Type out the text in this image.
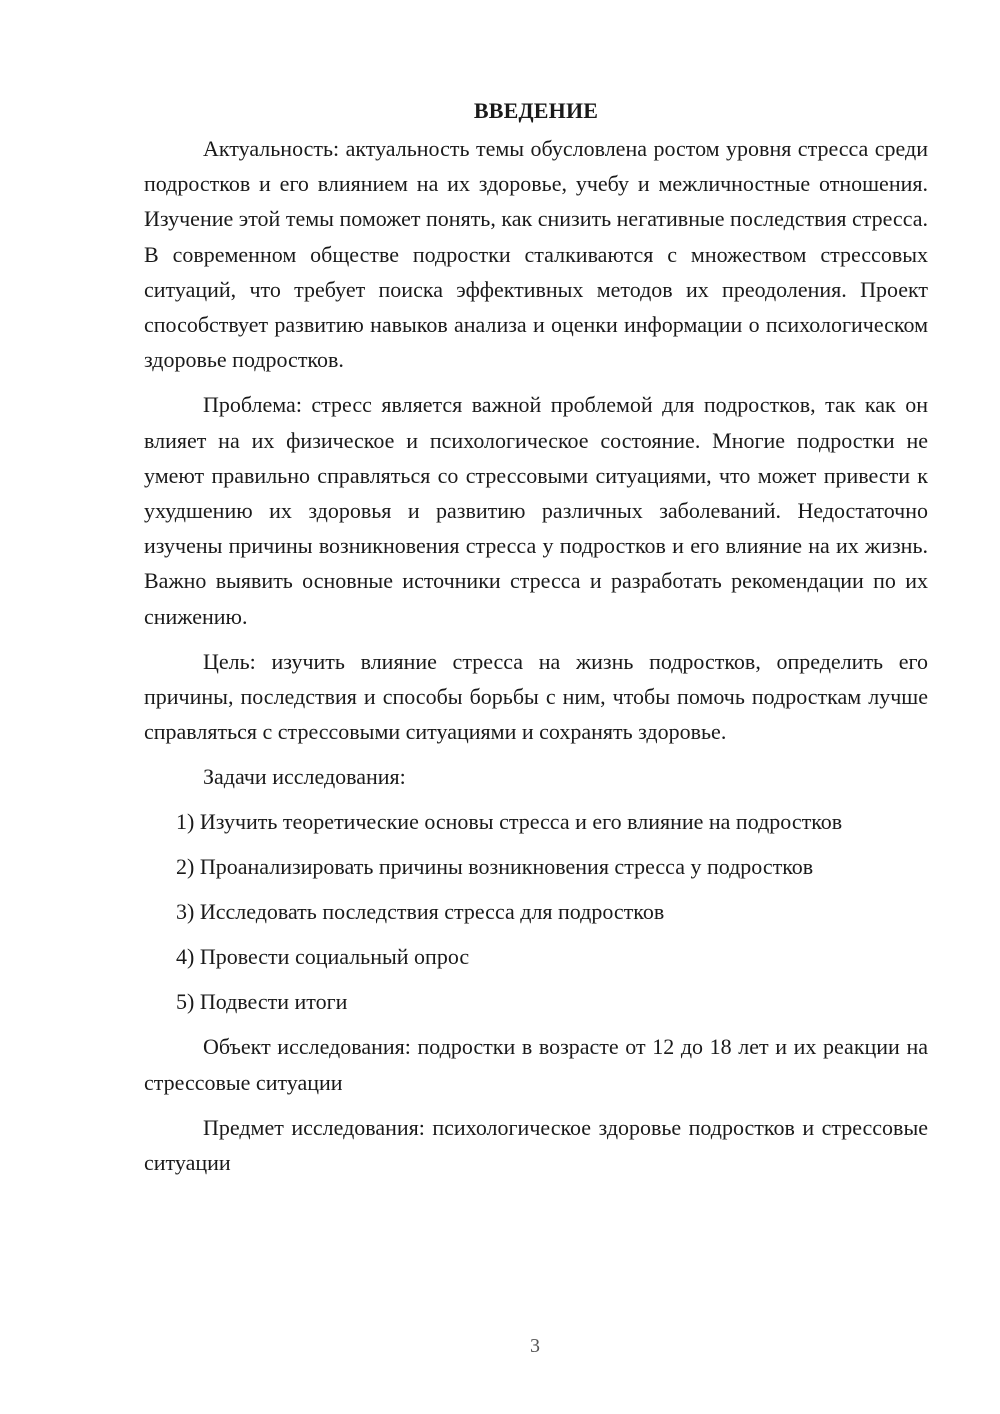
ВВЕДЕНИЕ

Актуальность: актуальность темы обусловлена ростом уровня стресса среди подростков и его влиянием на их здоровье, учебу и межличностные отношения. Изучение этой темы поможет понять, как снизить негативные последствия стресса. В современном обществе подростки сталкиваются с множеством стрессовых ситуаций, что требует поиска эффективных методов их преодоления. Проект способствует развитию навыков анализа и оценки информации о психологическом здоровье подростков.

Проблема: стресс является важной проблемой для подростков, так как он влияет на их физическое и психологическое состояние. Многие подростки не умеют правильно справляться со стрессовыми ситуациями, что может привести к ухудшению их здоровья и развитию различных заболеваний. Недостаточно изучены причины возникновения стресса у подростков и его влияние на их жизнь. Важно выявить основные источники стресса и разработать рекомендации по их снижению.

Цель: изучить влияние стресса на жизнь подростков, определить его причины, последствия и способы борьбы с ним, чтобы помочь подросткам лучше справляться с стрессовыми ситуациями и сохранять здоровье.

Задачи исследования:

1) Изучить теоретические основы стресса и его влияние на подростков
2) Проанализировать причины возникновения стресса у подростков
3) Исследовать последствия стресса для подростков
4) Провести социальный опрос
5) Подвести итоги

Объект исследования: подростки в возрасте от 12 до 18 лет и их реакции на стрессовые ситуации

Предмет исследования: психологическое здоровье подростков и стрессовые ситуации

3
